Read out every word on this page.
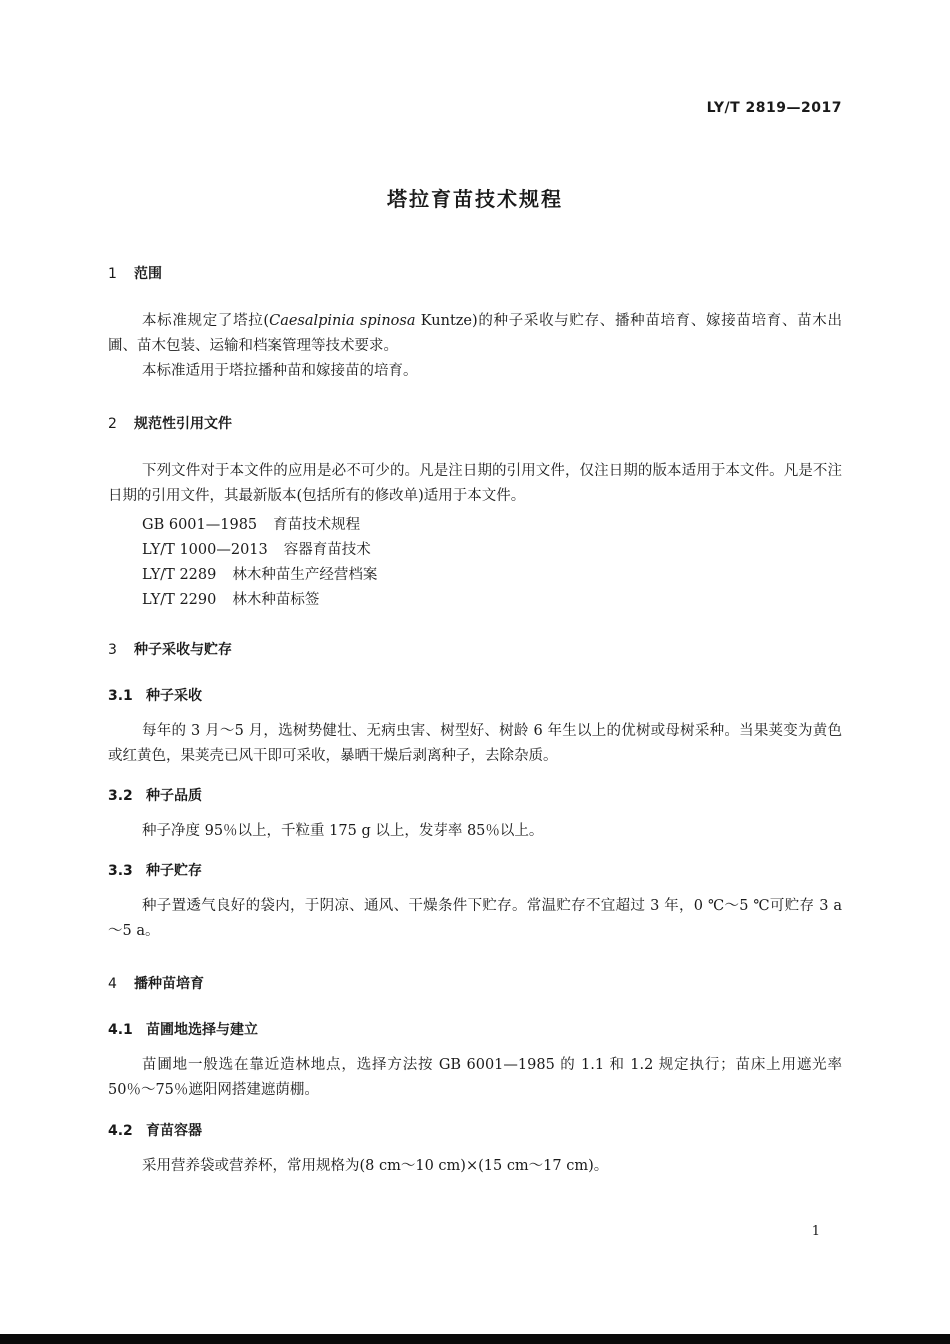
LY/T 2819—2017
塔拉育苗技术规程
1 范围

本标准规定了塔拉(Caesalpinia spinosa Kuntze)的种子采收与贮存、播种苗培育、嫁接苗培育、苗木出圃、苗木包装、运输和档案管理等技术要求。

本标准适用于塔拉播种苗和嫁接苗的培育。

2 规范性引用文件

下列文件对于本文件的应用是必不可少的。凡是注日期的引用文件，仅注日期的版本适用于本文件。凡是不注日期的引用文件，其最新版本(包括所有的修改单)适用于本文件。

GB 6001—1985 育苗技术规程
LY/T 1000—2013 容器育苗技术
LY/T 2289 林木种苗生产经营档案
LY/T 2290 林木种苗标签
3 种子采收与贮存
3.1 种子采收

每年的 3 月～5 月，选树势健壮、无病虫害、树型好、树龄 6 年生以上的优树或母树采种。当果荚变为黄色或红黄色，果荚壳已风干即可采收，暴晒干燥后剥离种子，去除杂质。

3.2 种子品质

种子净度 95％以上，千粒重 175 g 以上，发芽率 85％以上。

3.3 种子贮存

种子置透气良好的袋内，于阴凉、通风、干燥条件下贮存。常温贮存不宜超过 3 年，0 ℃～5 ℃可贮存 3 a～5 a。

4 播种苗培育
4.1 苗圃地选择与建立

苗圃地一般选在靠近造林地点，选择方法按 GB 6001—1985 的 1.1 和 1.2 规定执行；苗床上用遮光率 50％～75％遮阳网搭建遮荫棚。

4.2 育苗容器

采用营养袋或营养杯，常用规格为(8 cm～10 cm)×(15 cm～17 cm)。

1
